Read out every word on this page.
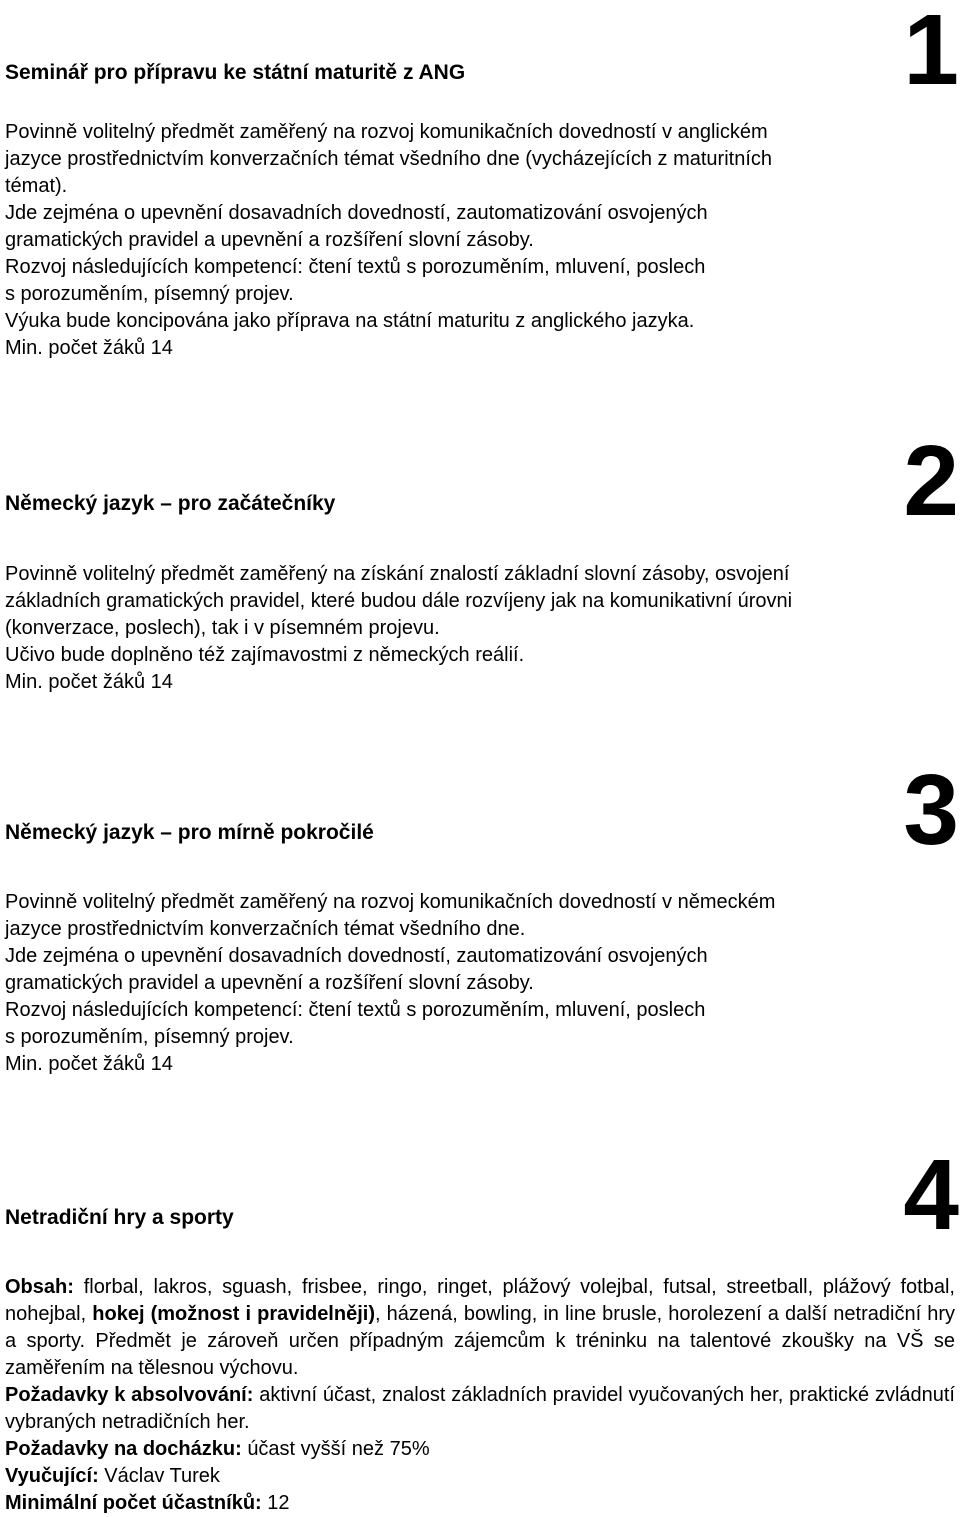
Seminář pro přípravu ke státní maturitě z ANG	1

Povinně volitelný předmět zaměřený na rozvoj komunikačních dovedností v anglickém

jazyce prostřednictvím konverzačních témat všedního dne (vycházejících z maturitních

témat).

Jde zejména o upevnění dosavadních dovedností, zautomatizování osvojených

gramatických pravidel a upevnění a rozšíření slovní zásoby.

Rozvoj následujících kompetencí: čtení textů s porozuměním, mluvení, poslech

s porozuměním, písemný projev.

Výuka bude koncipována jako příprava na státní maturitu z anglického jazyka.

Min. počet žáků 14

Německý jazyk – pro začátečníky	2

Povinně volitelný předmět zaměřený na získání znalostí základní slovní zásoby, osvojení

základních gramatických pravidel, které budou dále rozvíjeny jak na komunikativní úrovni

(konverzace, poslech), tak i v písemném projevu.

Učivo bude doplněno též zajímavostmi z německých reálií.

Min. počet žáků 14

Německý jazyk – pro mírně pokročilé	3

Povinně volitelný předmět zaměřený na rozvoj komunikačních dovedností v německém

jazyce prostřednictvím konverzačních témat všedního dne.

Jde zejména o upevnění dosavadních dovedností, zautomatizování osvojených

gramatických pravidel a upevnění a rozšíření slovní zásoby.

Rozvoj následujících kompetencí: čtení textů s porozuměním, mluvení, poslech

s porozuměním, písemný projev.

Min. počet žáků 14

Netradiční hry a sporty	4

Obsah: florbal, lakros, sguash, frisbee, ringo, ringet, plážový volejbal, futsal, streetball, plážový fotbal, nohejbal, hokej (možnost i pravidelněji), házená, bowling, in line brusle, horolezení a další netradiční hry a sporty. Předmět je zároveň určen případným zájemcům k tréninku na talentové zkoušky na VŠ se zaměřením na tělesnou výchovu.

Požadavky k absolvování: aktivní účast, znalost základních pravidel vyučovaných her, praktické zvládnutí vybraných netradičních her.

Požadavky na docházku: účast vyšší než 75%

Vyučující: Václav Turek

Minimální počet účastníků: 12
